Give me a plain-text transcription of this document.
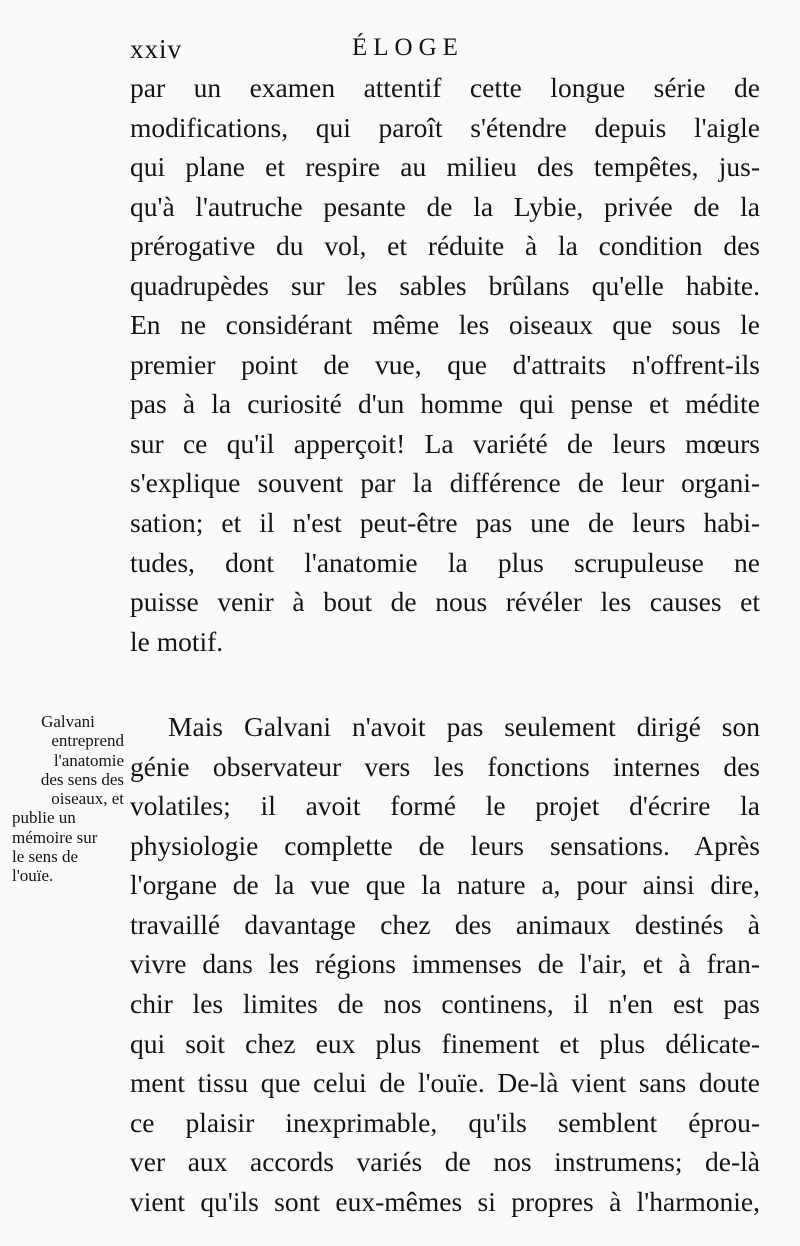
xxiv	ÉLOGE
par un examen attentif cette longue série de
modifications, qui paroît s'étendre depuis l'aigle
qui plane et respire au milieu des tempêtes, jus-
qu'à l'autruche pesante de la Lybie, privée de la
prérogative du vol, et réduite à la condition des
quadrupèdes sur les sables brûlans qu'elle habite.
En ne considérant même les oiseaux que sous le
premier point de vue, que d'attraits n'offrent-ils
pas à la curiosité d'un homme qui pense et médite
sur ce qu'il apperçoit! La variété de leurs mœurs
s'explique souvent par la différence de leur organi-
sation; et il n'est peut-être pas une de leurs habi-
tudes, dont l'anatomie la plus scrupuleuse ne
puisse venir à bout de nous révéler les causes et
le motif.
Mais Galvani n'avoit pas seulement dirigé son
génie observateur vers les fonctions internes des
volatiles; il avoit formé le projet d'écrire la
physiologie complette de leurs sensations. Après
l'organe de la vue que la nature a, pour ainsi dire,
travaillé davantage chez des animaux destinés à
vivre dans les régions immenses de l'air, et à fran-
chir les limites de nos continens, il n'en est pas
qui soit chez eux plus finement et plus délicate-
ment tissu que celui de l'ouïe. De-là vient sans doute
ce plaisir inexprimable, qu'ils semblent éprou-
ver aux accords variés de nos instrumens; de-là
vient qu'ils sont eux-mêmes si propres à l'harmonie,
Galvani
entreprend
l'anatomie
des sens des
oiseaux, et
publie un
mémoire sur
le sens de
l'ouïe.
